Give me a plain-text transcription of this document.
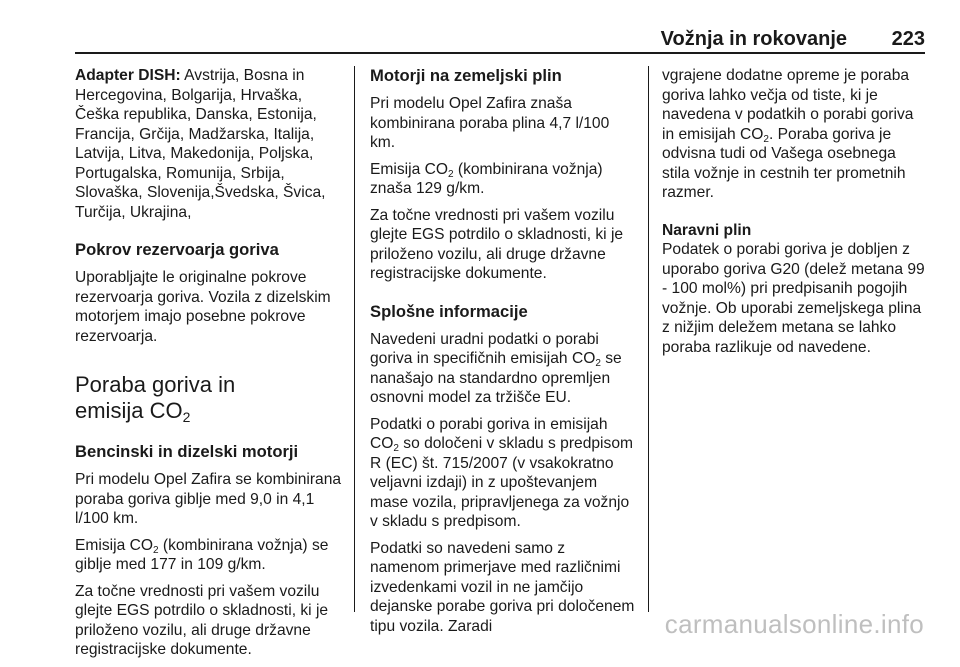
Vožnja in rokovanje 223

Adapter DISH: Avstrija, Bosna in Hercegovina, Bolgarija, Hrvaška, Češka republika, Danska, Estonija, Francija, Grčija, Madžarska, Italija, Latvija, Litva, Makedonija, Poljska, Portugalska, Romunija, Srbija, Slovaška, Slovenija,Švedska, Švica, Turčija, Ukrajina,

Pokrov rezervoarja goriva

Uporabljajte le originalne pokrove rezervoarja goriva. Vozila z dizelskim motorjem imajo posebne pokrove rezervoarja.

Poraba goriva in
emisija $CO_2$
Bencinski in dizelski motorji

Pri modelu Opel Zafira se kombinirana poraba goriva giblje med 9,0 in 4,1 l/100 km.

Emisija $CO_2$ (kombinirana vožnja) se giblje med 177 in 109 g/km.

Za točne vrednosti pri vašem vozilu glejte EGS potrdilo o skladnosti, ki je priloženo vozilu, ali druge državne registracijske dokumente.

Motorji na zemeljski plin

Pri modelu Opel Zafira znaša kombinirana poraba plina 4,7 l/100 km.

Emisija $CO_2$ (kombinirana vožnja) znaša 129 g/km.

Za točne vrednosti pri vašem vozilu glejte EGS potrdilo o skladnosti, ki je priloženo vozilu, ali druge državne registracijske dokumente.

Splošne informacije

Navedeni uradni podatki o porabi goriva in specifičnih emisijah $CO_2$ se nanašajo na standardno opremljen osnovni model za tržišče EU.

Podatki o porabi goriva in emisijah $CO_2$ so določeni v skladu s predpisom R (EC) št. 715/2007 (v vsakokratno veljavni izdaji) in z upoštevanjem mase vozila, pripravljenega za vožnjo v skladu s predpisom.

Podatki so navedeni samo z namenom primerjave med različnimi izvedenkami vozil in ne jamčijo dejanske porabe goriva pri določenem tipu vozila. Zaradi

vgrajene dodatne opreme je poraba goriva lahko večja od tiste, ki je navedena v podatkih o porabi goriva in emisijah $CO_2$. Poraba goriva je odvisna tudi od Vašega osebnega stila vožnje in cestnih ter prometnih razmer.

Naravni plin
Podatek o porabi goriva je dobljen z uporabo goriva G20 (delež metana 99 - 100 mol%) pri predpisanih pogojih vožnje. Ob uporabi zemeljskega plina z nižjim deležem metana se lahko poraba razlikuje od navedene.

carmanualsonline.info
